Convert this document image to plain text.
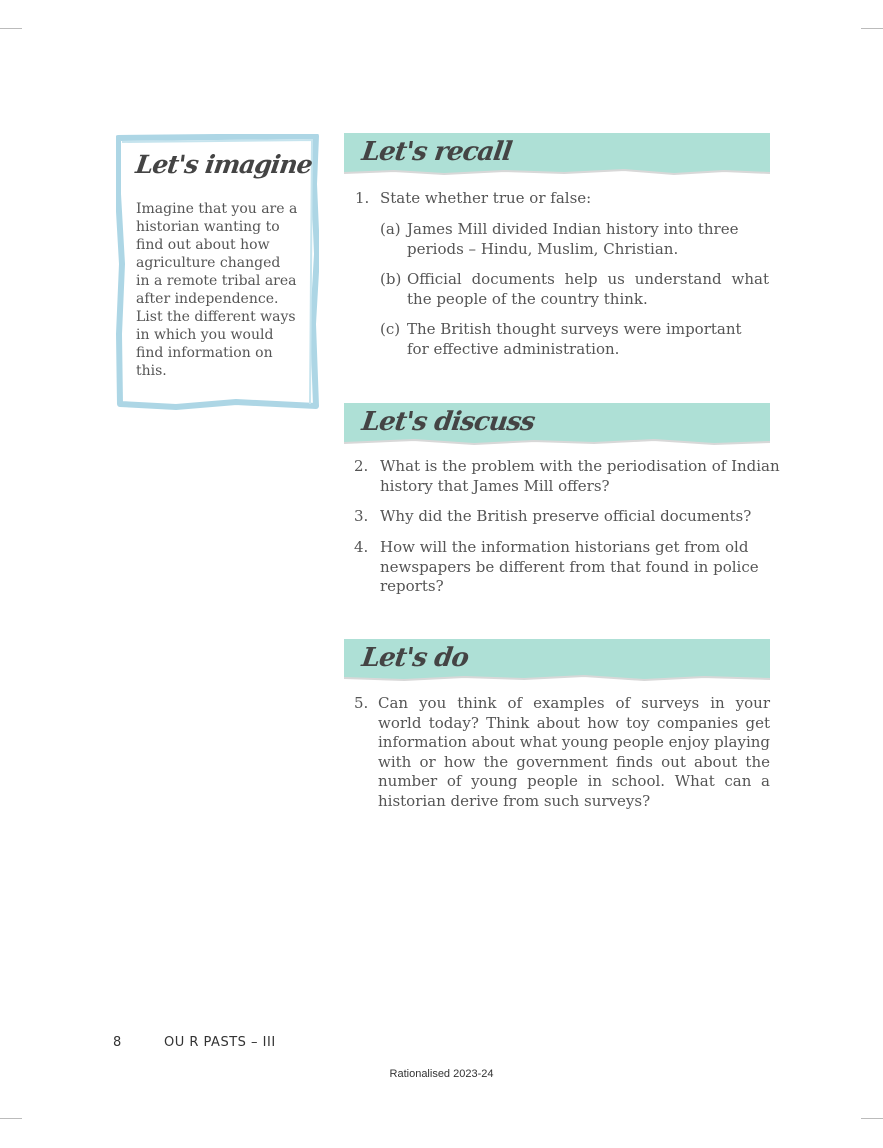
Let's imagine
Imagine that you are a
historian wanting to
find out about how
agriculture changed
in a remote tribal area
after independence.
List the different ways
in which you would
find information on
this.
Let's recall
1. State whether true or false:
(a) James Mill divided Indian history into three
periods – Hindu, Muslim, Christian.
(b) Official documents help us understand what
the people of the country think.
(c) The British thought surveys were important
for effective administration.
Let's discuss
2. What is the problem with the periodisation of Indian
history that James Mill offers?
3. Why did the British preserve official documents?
4. How will the information historians get from old
newspapers be different from that found in police
reports?
Let's do
5. Can you think of examples of surveys in your
world today? Think about how toy companies get
information about what young people enjoy playing
with or how the government finds out about the
number of young people in school. What can a
historian derive from such surveys?
8	OU R PASTS – III
Rationalised 2023-24
